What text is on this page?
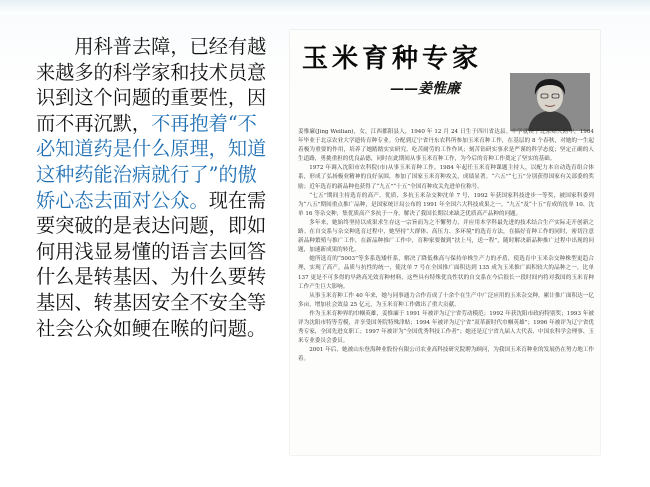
用科普去障，已经有越来越多的科学家和技术员意识到这个问题的重要性，因而不再沉默，不再抱着“不必知道药是什么原理，知道这种药能治病就行了”的傲娇心态去面对公众。现在需要突破的是表达问题，即如何用浅显易懂的语言去回答什么是转基因、为什么要转基因、转基因安全不安全等社会公众如鲠在喉的问题。
玉米育种专家
——姜惟廉

姜惟廉(Jing Weilian)，女，江西都阳县人，1940 年 12 月 24 日生于四川省达县。中学就读于北京师大附中，1964 年毕业于北京农业大学遗传育种专业。分配到辽宁省丹东农科所参加玉米育种工作，在基层的 8 个春秋，对她的一生起着极为重要的作用，培养了她踏踏实实研究、吃苦耐劳的工作作风；刻苦钻研实事求是严谨的科学态度；坚定正确的人生道路，勇挑重担的优良品德，同时在此期间从事玉米育种工作，为今后的育种工作奠定了坚实的基础。

1972 年调入沈阳市农科院(市)从事玉米育种工作。1984 年起任玉米育种课题主持人，以配力本自动选育组合体系，形成了弘扬极业精神的良好氛围，参加了国家玉米育种攻关，成绩显著。“六五”“七五”分别获得国家有关部委的奖励；近年选育的新品种也获得了“九五”“十五”全国育种攻关先进单位称号。

“七五”期间主持选育的高产、优质、多抗玉米杂交种沈单 7 号，1992 年获国家科技进步一等奖，被国家科委列为“八五”期间重点推广品种，是国家统计局公布的 1991 年全国六大科技成果之一。“九五”及“十五”育成的沈单 10、沈单 16 等杂交种，集优质高产多抗于一身，解决了我国长期以来缺乏优质高产品种的问题。

多年来，她始终坚持以成果求生存这一宗旨而为之不懈努力，并应用本学科最先进的技术结合生产实际走开创新之路。在自交系与杂交种选育过程中，她坚持“大群体、高压力、多环境”的选育方法，在搞好育种工作的同时，密切注意新品种繁殖与推广工作，在新品种推广工作中，育种家要做到“扶上马，送一程”，随时解决新品种推广过程中出现的问题，加速新成果的转化。

她所选育的“5003”等多系选矮杆系，解决了降低株高与保持单株生产力的矛盾，使选育中玉米杂交种株型更趋合理，实现了高产，品质与抗性的统一，使沈单 7 号在全国推广面积达到 135 成为玉米推广面积较大的品种之一，比单 137 更是不可多得的早熟高光效育种材料，这些具有特殊优良性状的自交系在今后很长一段时间内将对我国的玉米育种工作产生巨大影响。

从事玉米育种工作 40 年来，她与同事通力合作育成了十余个在生产中广泛应用的玉米杂交种，累计推广面积达一亿多亩，增加社会效益 25 亿元，为玉米育种工作做出了重大贡献。

作为玉米育种界的巾帼英雄，姜惟廉于 1991 年被评为辽宁省劳动模范；1992 年获沈阳市政府特别奖；1993 年被评为沈阳市特等劳模，并享受国务院特殊津贴；1994 年被评为辽宁省“双革新时代巾帼英雄”；1996 年被评为辽宁省优秀专家，全国先进女职工；1997 年被评为“全国优秀科技工作者”；她还是辽宁省九届人大代表、中国农科学会理事、玉米专业委员会委员。

2001 年后，她被山东登海种业股份有限公司农业高科技研究院聘为顾问，为我国玉米育种业的发展仍在努力地工作着。
